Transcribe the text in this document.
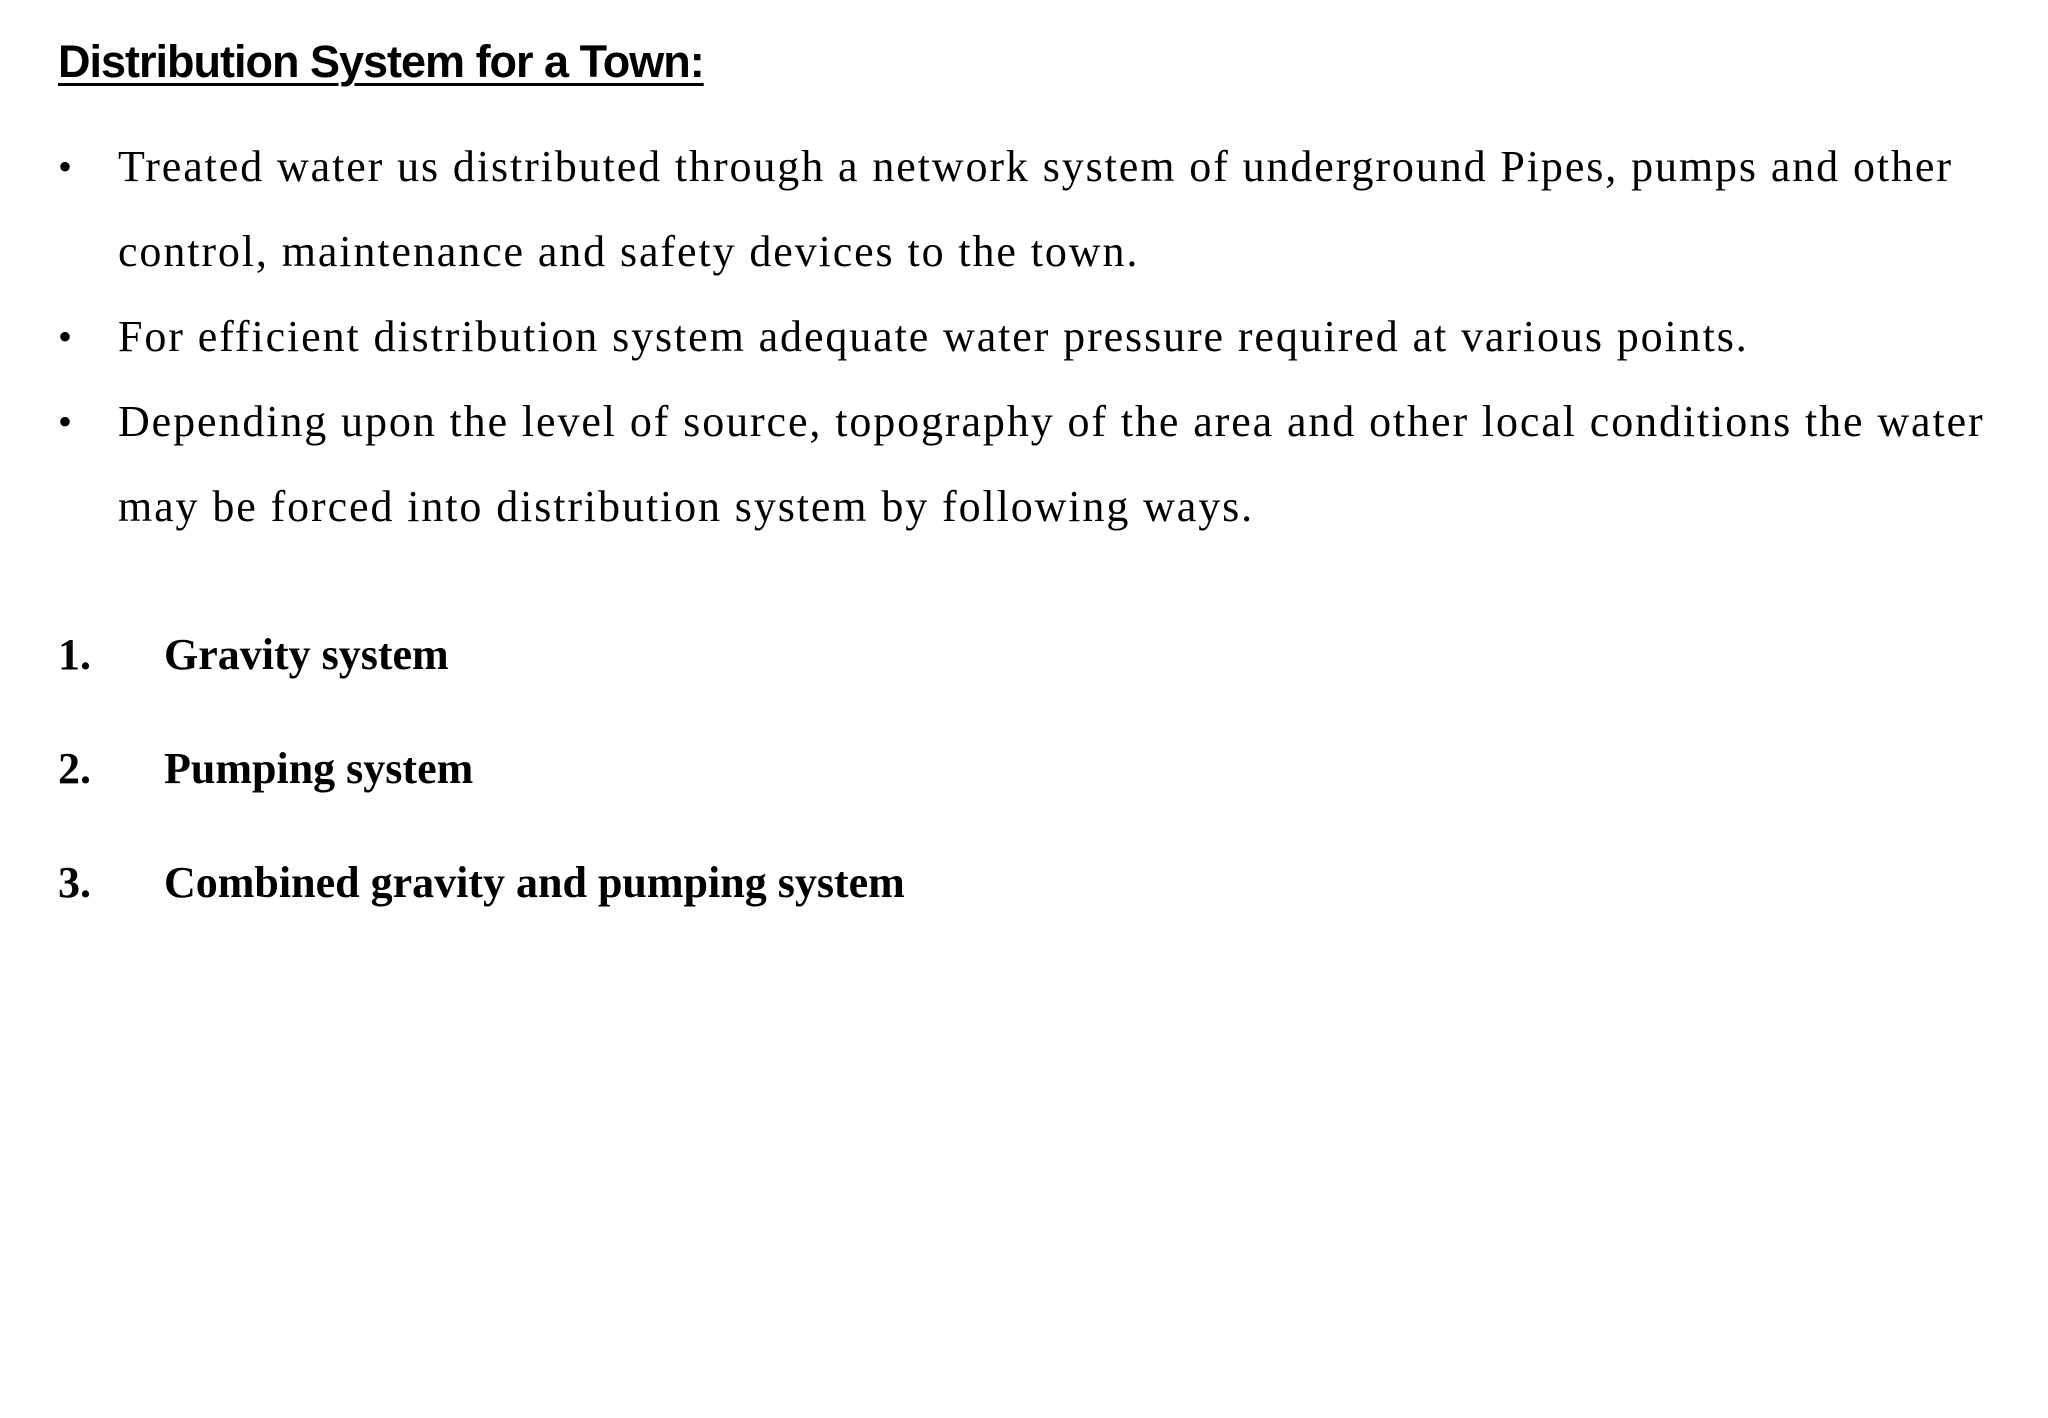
Distribution System for a Town:
• Treated water us distributed through a network system of underground Pipes, pumps and other control, maintenance and safety devices to the town.
• For efficient distribution system adequate water pressure required at various points.
• Depending upon the level of source, topography of the area and other local conditions the water may be forced into distribution system by following ways.
1. Gravity system
2. Pumping system
3. Combined gravity and pumping system
